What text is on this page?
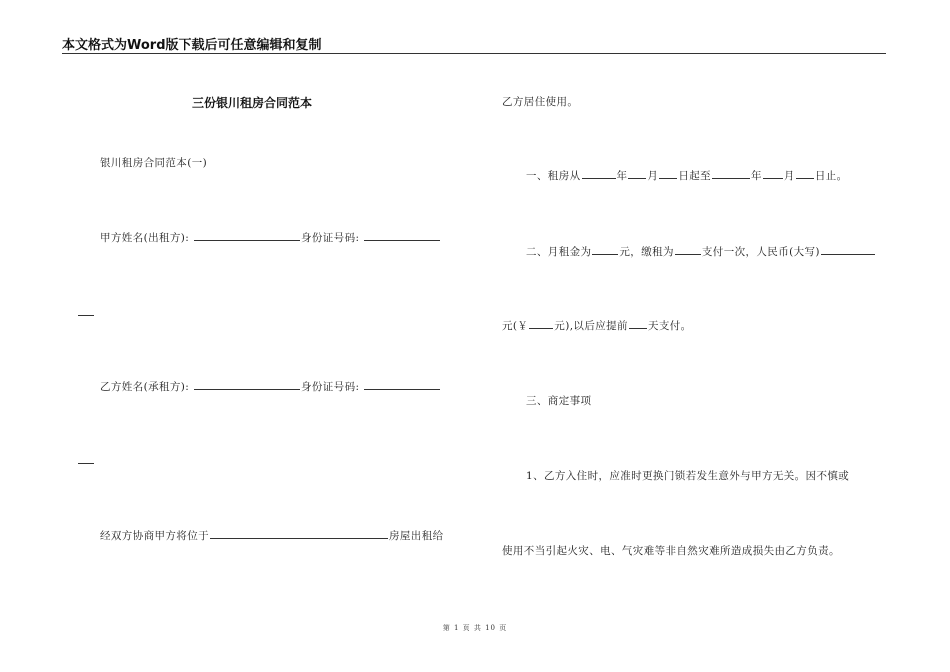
本文格式为Word版下载后可任意编辑和复制
三份银川租房合同范本
银川租房合同范本(一)
甲方姓名(出租方):	身份证号码:
乙方姓名(承租方):	身份证号码:
经双方协商甲方将位于	房屋出租给
乙方居住使用。
一、租房从	年 月 日起至	年 月 日止。
二、月租金为	元，缴租为	支付一次，人民币(大写)
元(￥ 元),以后应提前 天支付。
三、商定事项
1、乙方入住时，应准时更换门锁若发生意外与甲方无关。因不慎或
使用不当引起火灾、电、气灾难等非自然灾难所造成损失由乙方负责。
第 1 页 共 10 页
